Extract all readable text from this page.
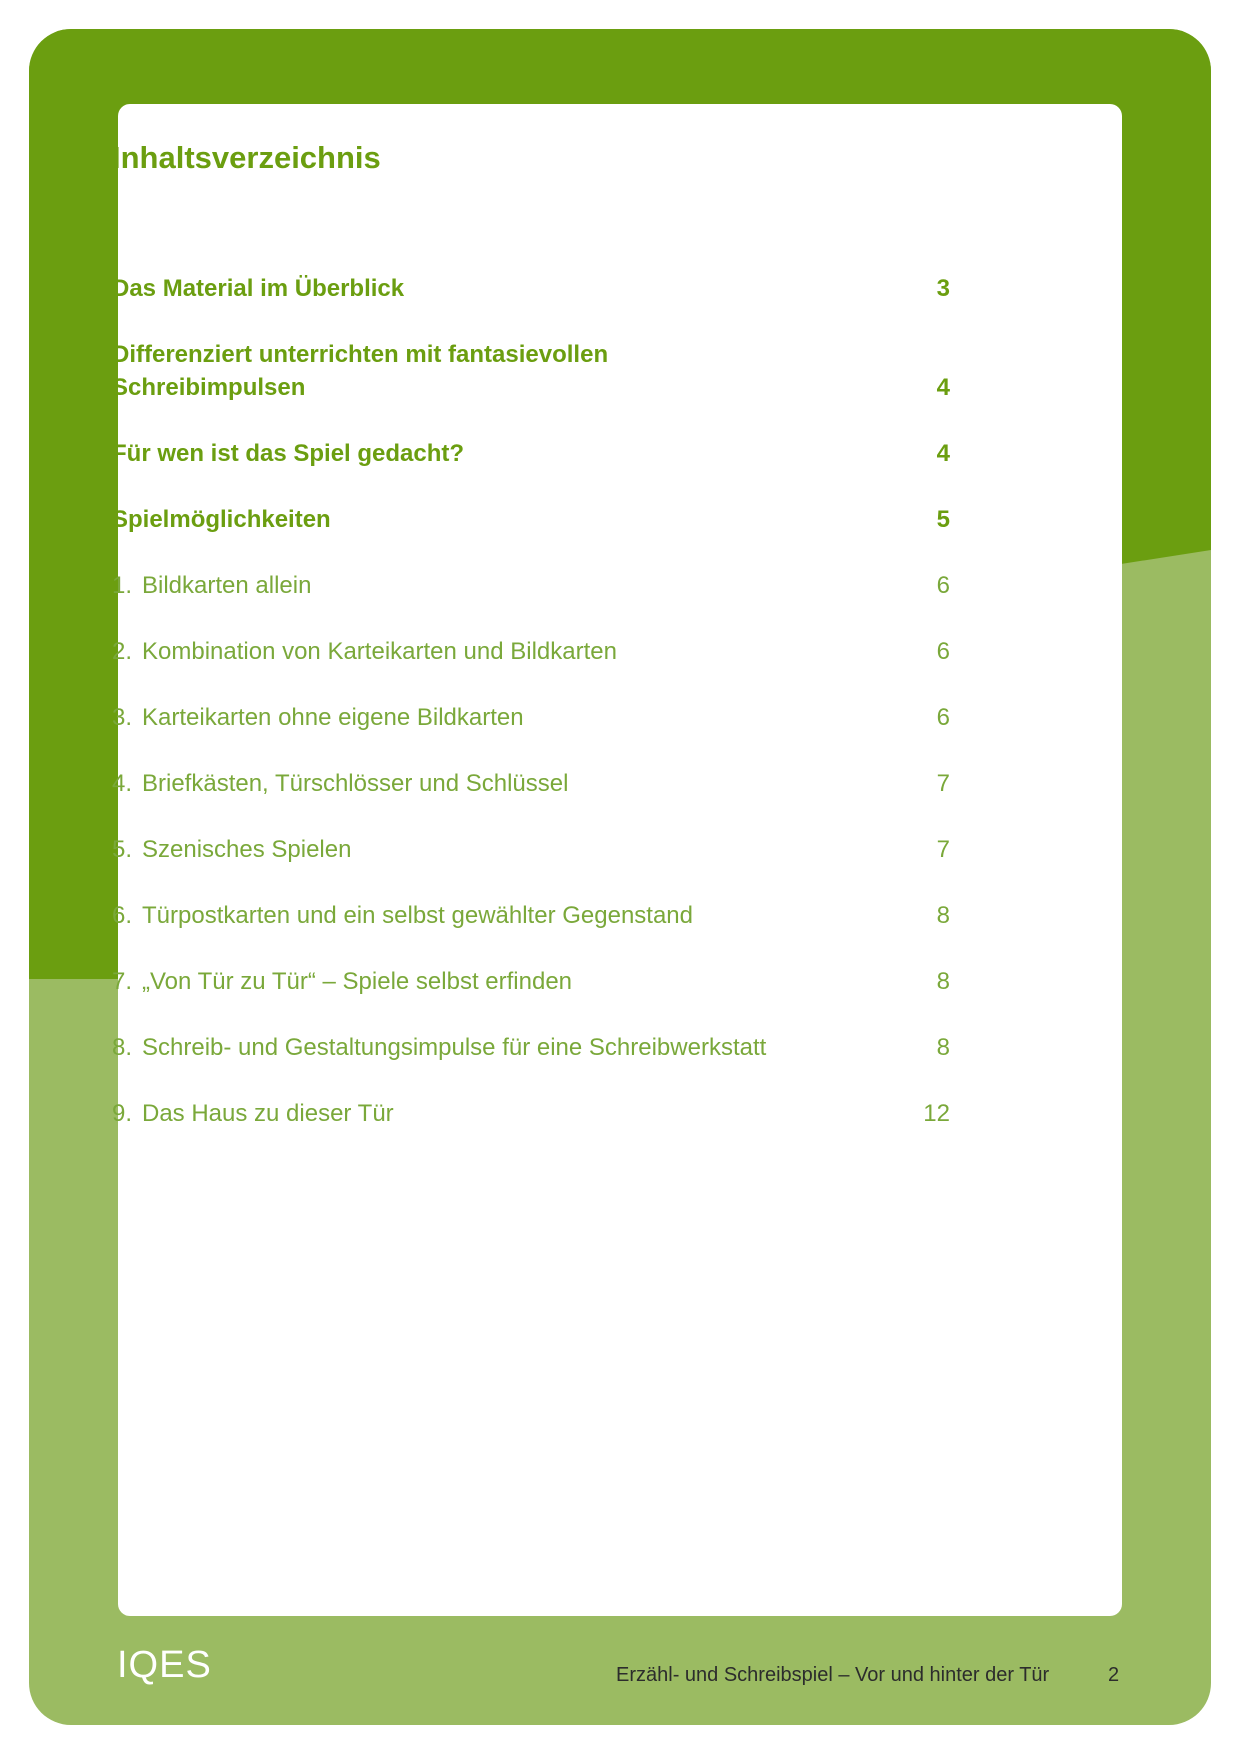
Inhaltsverzeichnis
Das Material im Überblick	3
Differenziert unterrichten mit fantasievollen
Schreibimpulsen	4
Für wen ist das Spiel gedacht?	4
Spielmöglichkeiten	5
1. Bildkarten allein	6
2. Kombination von Karteikarten und Bildkarten	6
3. Karteikarten ohne eigene Bildkarten	6
4. Briefkästen, Türschlösser und Schlüssel	7
5. Szenisches Spielen	7
6. Türpostkarten und ein selbst gewählter Gegenstand	8
7. „Von Tür zu Tür“ – Spiele selbst erfinden	8
8. Schreib- und Gestaltungsimpulse für eine Schreibwerkstatt	8
9. Das Haus zu dieser Tür	12
IQES	Erzähl- und Schreibspiel – Vor und hinter der Tür	2
